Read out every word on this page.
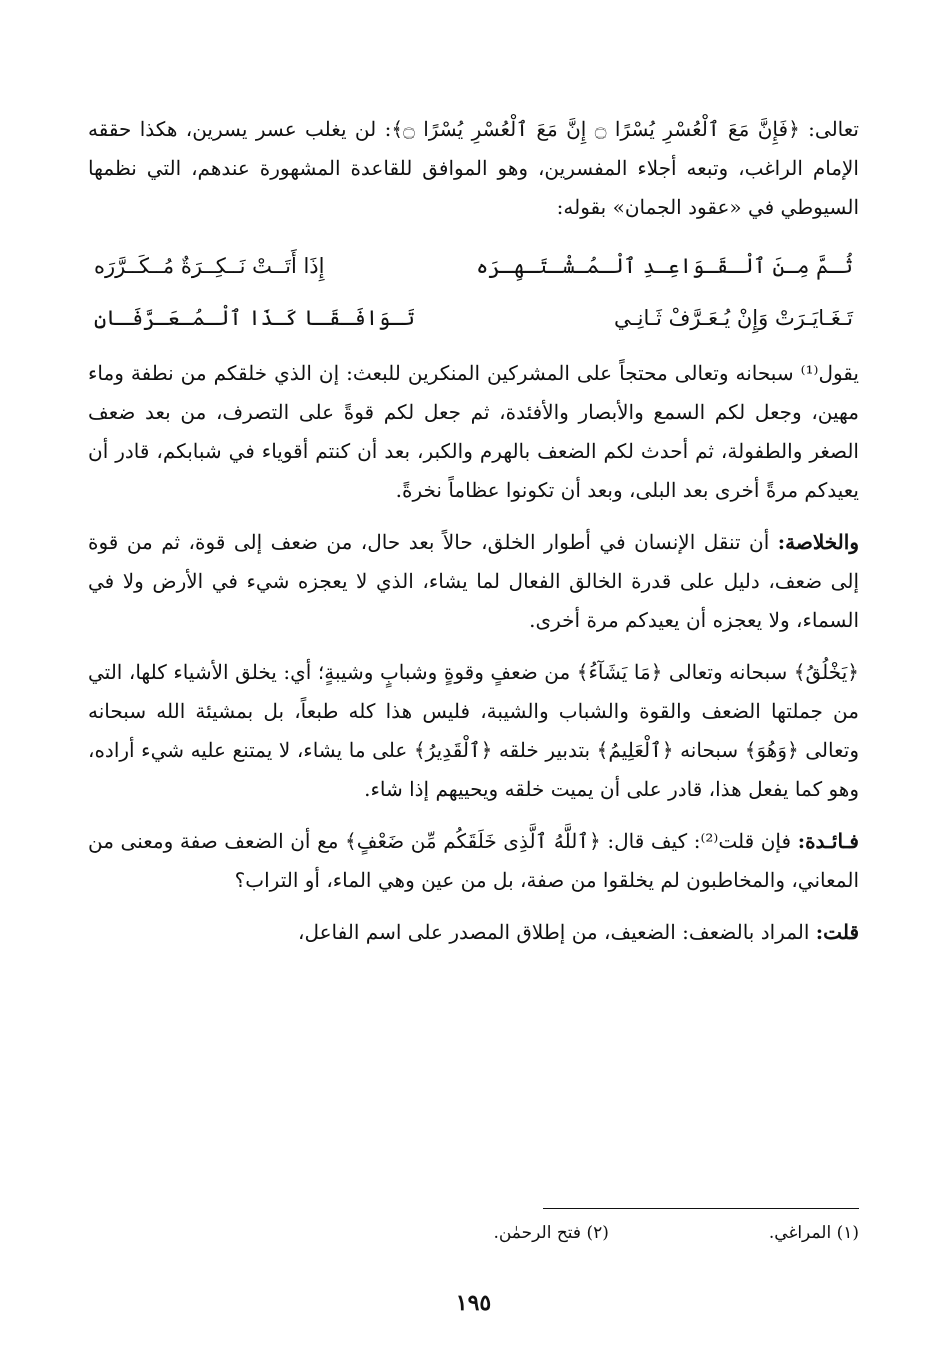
تعالى: ﴿فَإِنَّ مَعَ ٱلْعُسْرِ يُسْرًا ۝ إِنَّ مَعَ ٱلْعُسْرِ يُسْرًا ۝﴾: لن يغلب عسر يسرين، هكذا حققه الإمام الراغب، وتبعه أجلاء المفسرين، وهو الموافق للقاعدة المشهورة عندهم، التي نظمها السيوطي في «عقود الجمان» بقوله:

ثُـمَّ مِـنَ ٱلْـقَـوَاعِـدِ ٱلْـمُـشْـتَـهِـرَه
إِذَا أَتَــتْ نَــكِــرَةٌ مُــكَــرَّرَه
تَـغَـايَـرَتْ وَإِنْ يُـعَـرَّفْ ثَـانِـي
تَـوَافَـقَـا كَـذَا ٱلْـمُـعَـرَّفَـانِ

يقول⁽¹⁾ سبحانه وتعالى محتجاً على المشركين المنكرين للبعث: إن الذي خلقكم من نطفة وماء مهين، وجعل لكم السمع والأبصار والأفئدة، ثم جعل لكم قوةً على التصرف، من بعد ضعف الصغر والطفولة، ثم أحدث لكم الضعف بالهرم والكبر، بعد أن كنتم أقوياء في شبابكم، قادر أن يعيدكم مرةً أخرى بعد البلى، وبعد أن تكونوا عظاماً نخرةً.

والخلاصة: أن تنقل الإنسان في أطوار الخلق، حالاً بعد حال، من ضعف إلى قوة، ثم من قوة إلى ضعف، دليل على قدرة الخالق الفعال لما يشاء، الذي لا يعجزه شيء في الأرض ولا في السماء، ولا يعجزه أن يعيدكم مرة أخرى.

﴿يَخْلُقُ﴾ سبحانه وتعالى ﴿مَا يَشَآءُ﴾ من ضعفٍ وقوةٍ وشبابٍ وشيبةٍ؛ أي: يخلق الأشياء كلها، التي من جملتها الضعف والقوة والشباب والشيبة، فليس هذا كله طبعاً، بل بمشيئة الله سبحانه وتعالى ﴿وَهُوَ﴾ سبحانه ﴿ٱلْعَلِيمُ﴾ بتدبير خلقه ﴿ٱلْقَدِيرُ﴾ على ما يشاء، لا يمتنع عليه شيء أراده، وهو كما يفعل هذا، قادر على أن يميت خلقه ويحييهم إذا شاء.

فـائـدة: فإن قلت⁽²⁾: كيف قال: ﴿ٱللَّهُ ٱلَّذِى خَلَقَكُم مِّن ضَعْفٍ﴾ مع أن الضعف صفة ومعنى من المعاني، والمخاطبون لم يخلقوا من صفة، بل من عين وهي الماء، أو التراب؟

قلت: المراد بالضعف: الضعيف، من إطلاق المصدر على اسم الفاعل،

(١) المراغي.
(٢) فتح الرحمٰن.
١٩٥
